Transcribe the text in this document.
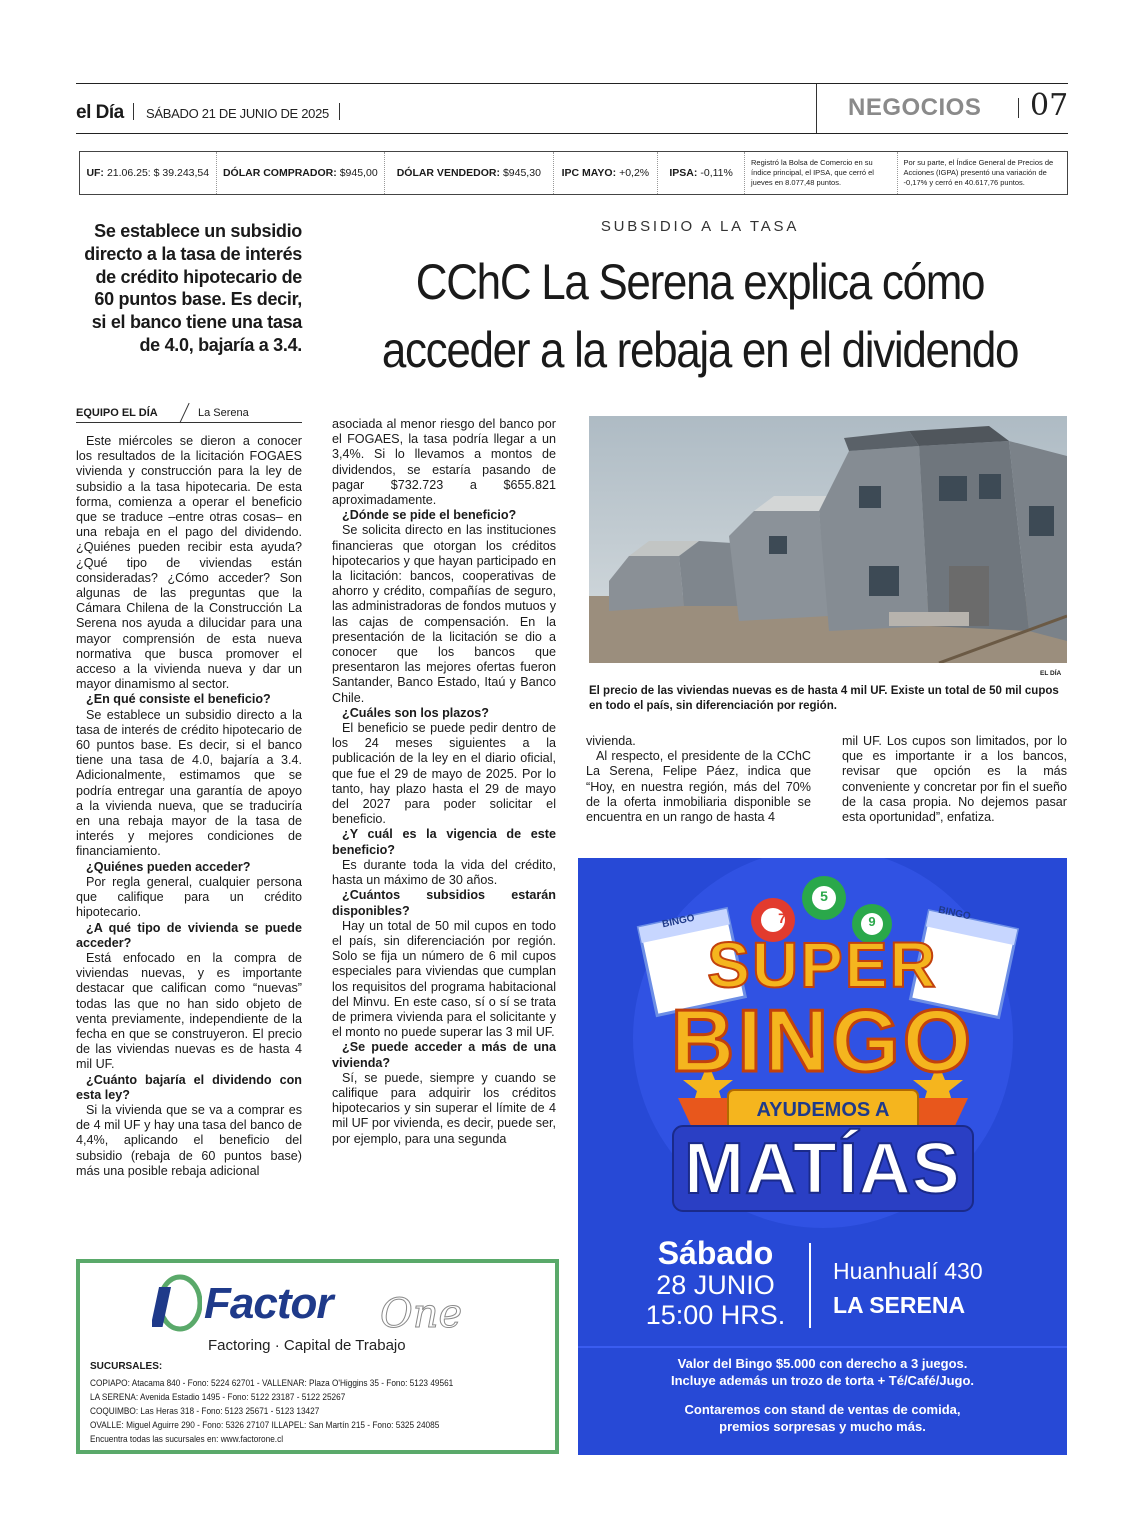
el Día SÁBADO 21 DE JUNIO DE 2025	NEGOCIOS 07
UF: 21.06.25: $ 39.243,54 DÓLAR COMPRADOR: $945,00 DÓLAR VENDEDOR: $945,30 IPC MAYO: +0,2% IPSA: -0,11%
Registró la Bolsa de Comercio en su índice principal, el IPSA, que cerró el jueves en 8.077,48 puntos.
Por su parte, el Índice General de Precios de Acciones (IGPA) presentó una variación de -0,17% y cerró en 40.617,76 puntos.
Se establece un subsidio directo a la tasa de interés de crédito hipotecario de 60 puntos base. Es decir, si el banco tiene una tasa de 4.0, bajaría a 3.4.
SUBSIDIO A LA TASA
CChC La Serena explica cómo
acceder a la rebaja en el dividendo
EQUIPO EL DÍA	La Serena

Este miércoles se dieron a conocer los resultados de la licitación FOGAES vivienda y construcción para la ley de subsidio a la tasa hipotecaria. De esta forma, comienza a operar el beneficio que se traduce –entre otras cosas– en una rebaja en el pago del dividendo. ¿Quiénes pueden recibir esta ayuda? ¿Qué tipo de viviendas están consideradas? ¿Cómo acceder? Son algunas de las preguntas que la Cámara Chilena de la Construcción La Serena nos ayuda a dilucidar para una mayor comprensión de esta nueva normativa que busca promover el acceso a la vivienda nueva y dar un mayor dinamismo al sector.

¿En qué consiste el beneficio?

Se establece un subsidio directo a la tasa de interés de crédito hipotecario de 60 puntos base. Es decir, si el banco tiene una tasa de 4.0, bajaría a 3.4. Adicionalmente, estimamos que se podría entregar una garantía de apoyo a la vivienda nueva, que se traduciría en una rebaja mayor de la tasa de interés y mejores condiciones de financiamiento.

¿Quiénes pueden acceder?

Por regla general, cualquier persona que califique para un crédito hipotecario.

¿A qué tipo de vivienda se puede acceder?

Está enfocado en la compra de viviendas nuevas, y es importante destacar que califican como “nuevas” todas las que no han sido objeto de venta previamente, independiente de la fecha en que se construyeron. El precio de las viviendas nuevas es de hasta 4 mil UF.

¿Cuánto bajaría el dividendo con esta ley?

Si la vivienda que se va a comprar es de 4 mil UF y hay una tasa del banco de 4,4%, aplicando el beneficio del subsidio (rebaja de 60 puntos base) más una posible rebaja adicional

asociada al menor riesgo del banco por el FOGAES, la tasa podría llegar a un 3,4%. Si lo llevamos a montos de dividendos, se estaría pasando de pagar $732.723 a $655.821 aproximadamente.

¿Dónde se pide el beneficio?

Se solicita directo en las instituciones financieras que otorgan los créditos hipotecarios y que hayan participado en la licitación: bancos, cooperativas de ahorro y crédito, compañías de seguro, las administradoras de fondos mutuos y las cajas de compensación. En la presentación de la licitación se dio a conocer que los bancos que presentaron las mejores ofertas fueron Santander, Banco Estado, Itaú y Banco Chile.

¿Cuáles son los plazos?

El beneficio se puede pedir dentro de los 24 meses siguientes a la publicación de la ley en el diario oficial, que fue el 29 de mayo de 2025. Por lo tanto, hay plazo hasta el 29 de mayo del 2027 para poder solicitar el beneficio.

¿Y cuál es la vigencia de este beneficio?

Es durante toda la vida del crédito, hasta un máximo de 30 años.

¿Cuántos subsidios estarán disponibles?

Hay un total de 50 mil cupos en todo el país, sin diferenciación por región. Solo se fija un número de 6 mil cupos especiales para viviendas que cumplan los requisitos del programa habitacional del Minvu. En este caso, sí o sí se trata de primera vivienda para el solicitante y el monto no puede superar las 3 mil UF.

¿Se puede acceder a más de una vivienda?

Sí, se puede, siempre y cuando se califique para adquirir los créditos hipotecarios y sin superar el límite de 4 mil UF por vivienda, es decir, puede ser, por ejemplo, para una segunda

EL DÍA
El precio de las viviendas nuevas es de hasta 4 mil UF. Existe un total de 50 mil cupos en todo el país, sin diferenciación por región.

vivienda.

Al respecto, el presidente de la CChC La Serena, Felipe Páez, indica que “Hoy, en nuestra región, más del 70% de la oferta inmobiliaria disponible se encuentra en un rango de hasta 4

mil UF. Los cupos son limitados, por lo que es importante ir a los bancos, revisar que opción es la más conveniente y concretar por fin el sueño de la casa propia. No dejemos pasar esta oportunidad”, enfatiza.

Factor One
Factoring · Capital de Trabajo
SUCURSALES:
COPIAPO: Atacama 840 - Fono: 5224 62701 - VALLENAR: Plaza O'Higgins 35 - Fono: 5123 49561
LA SERENA: Avenida Estadio 1495 - Fono: 5122 23187 - 5122 25267
COQUIMBO: Las Heras 318 - Fono: 5123 25671 - 5123 13427
OVALLE: Miguel Aguirre 290 - Fono: 5326 27107 ILLAPEL: San Martín 215 - Fono: 5325 24085
Encuentra todas las sucursales en: www.factorone.cl
7
5
9
BINGO	BINGO
SUPER
BINGO
AYUDEMOS A
MATÍAS
Sábado
28 JUNIO
15:00 HRS.
Huanhualí 430
LA SERENA
Valor del Bingo $5.000 con derecho a 3 juegos.
Incluye además un trozo de torta + Té/Café/Jugo.
Contaremos con stand de ventas de comida,
premios sorpresas y mucho más.
